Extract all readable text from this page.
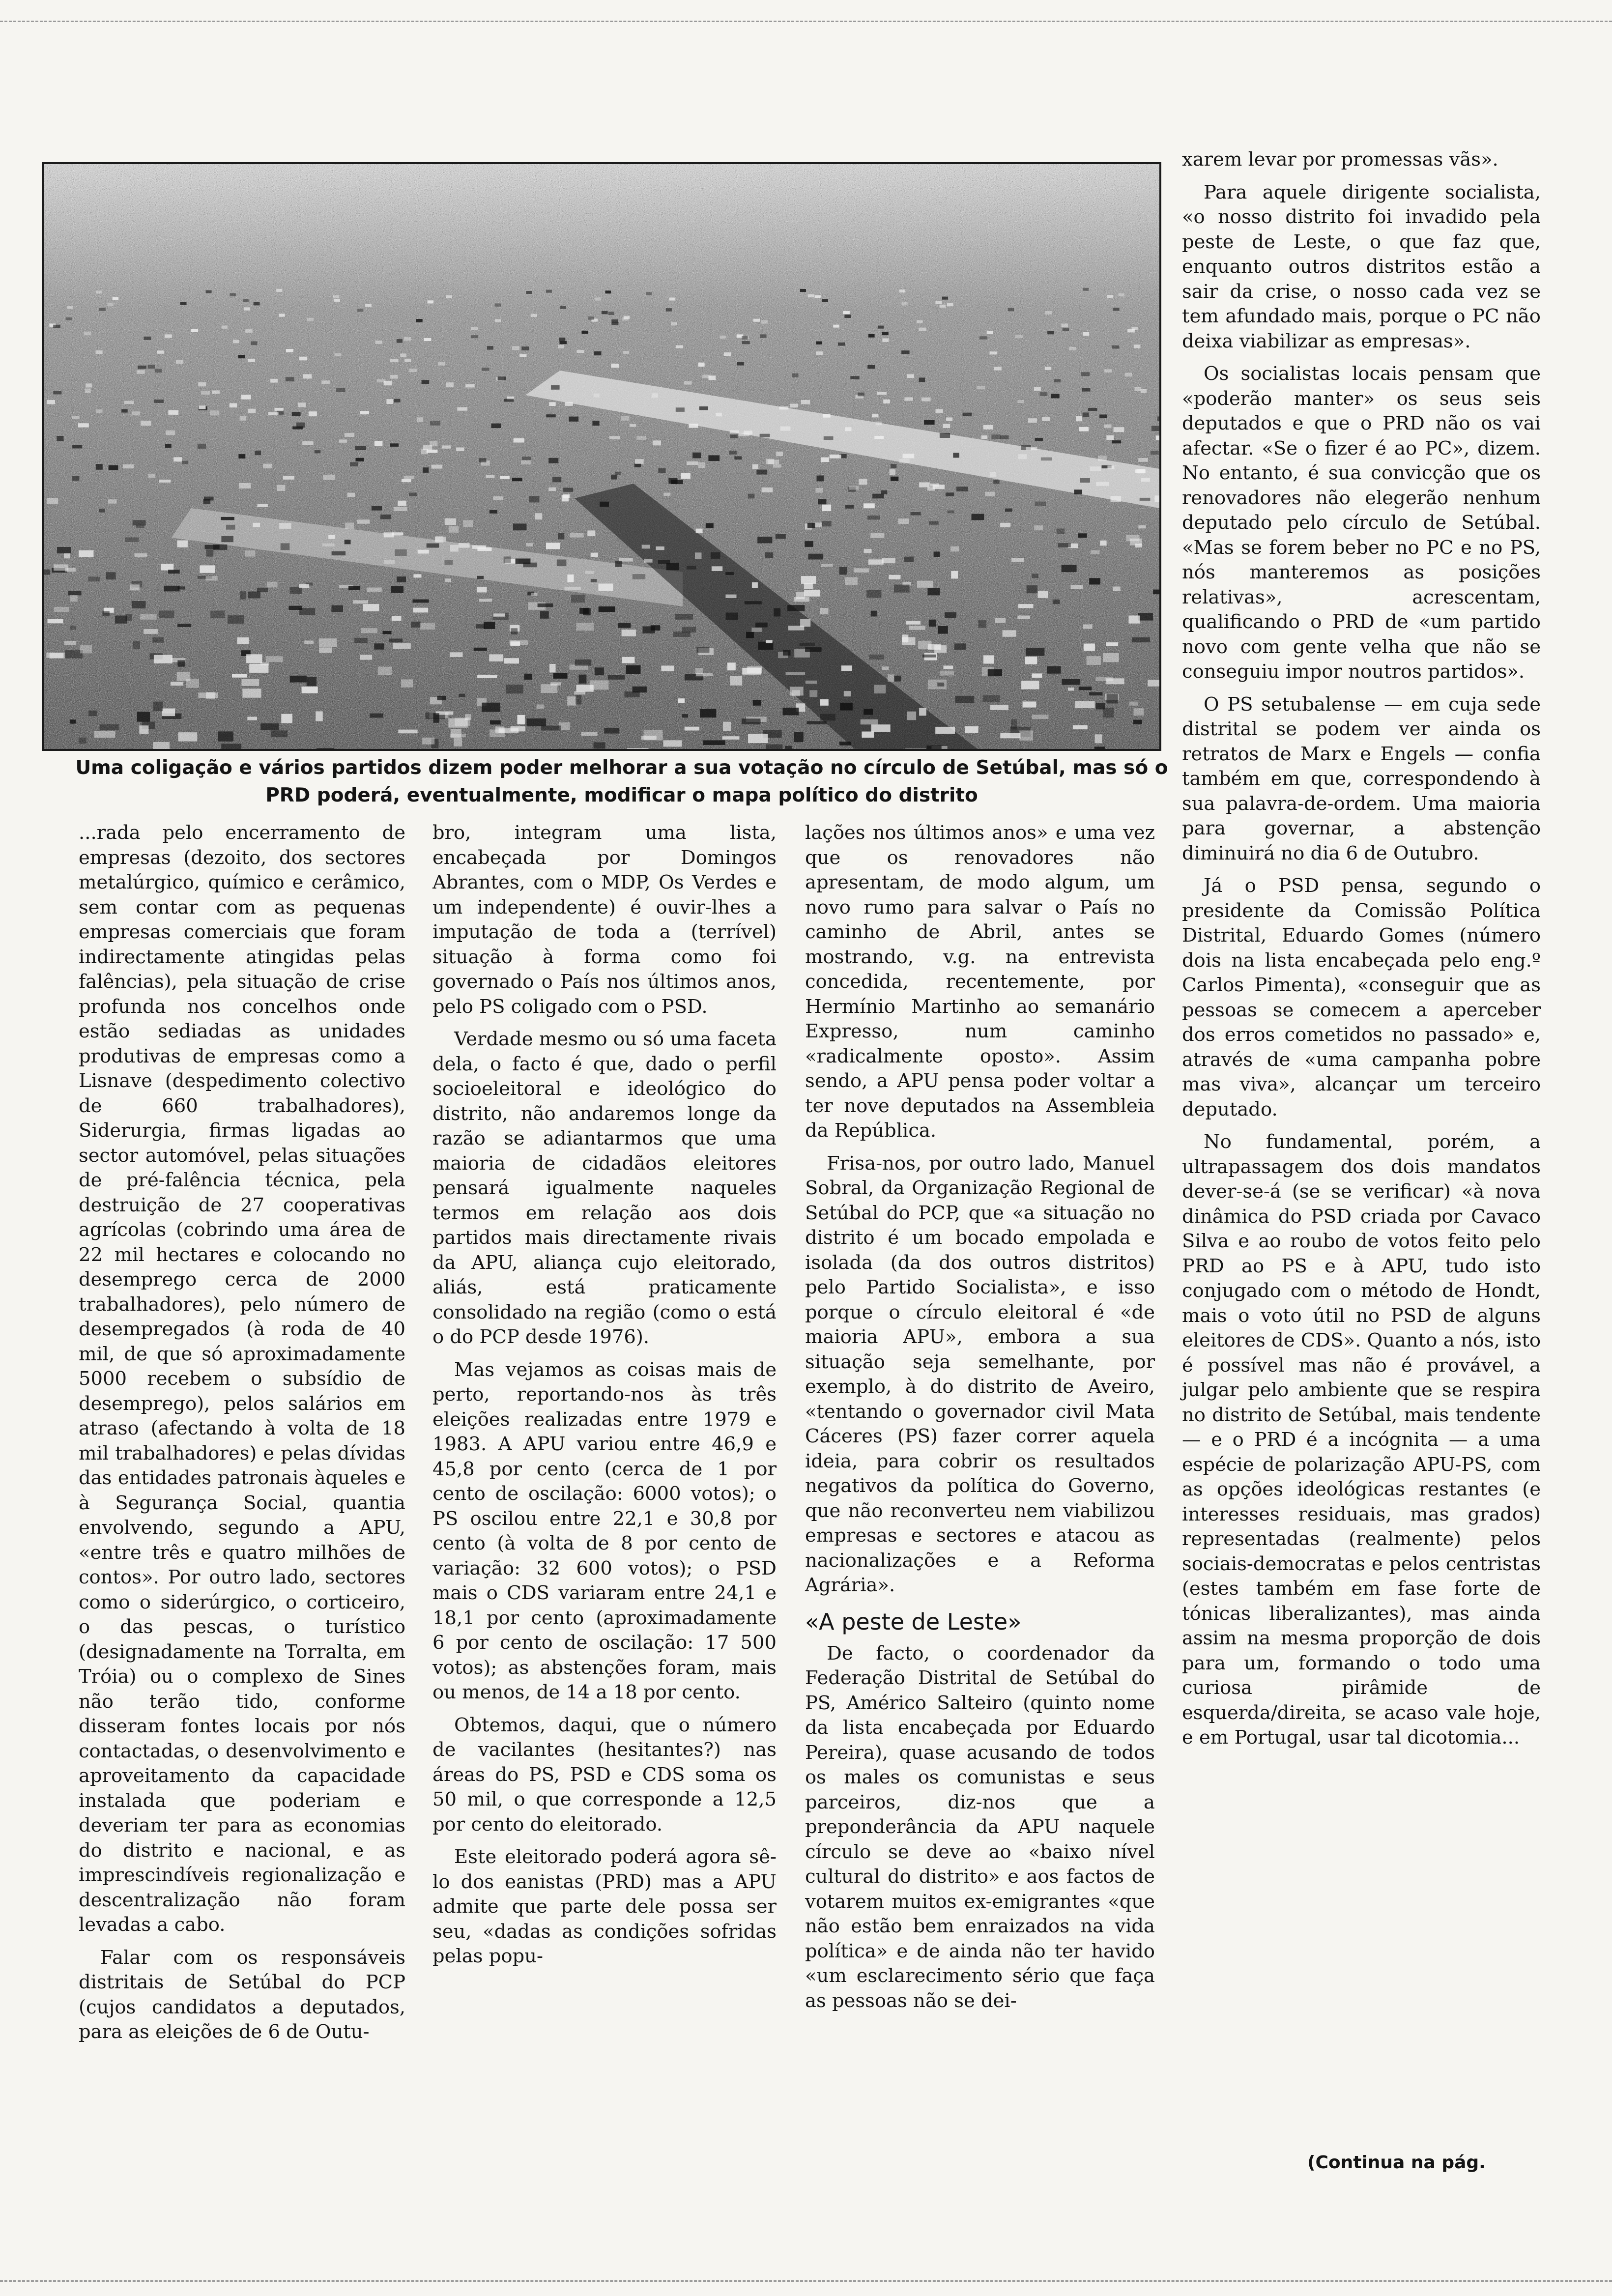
Uma coligação e vários partidos dizem poder melhorar a sua votação no círculo de Setúbal, mas só o PRD poderá, eventualmente, modificar o mapa político do distrito

...rada pelo encerramento de empresas (dezoito, dos sectores metalúrgico, químico e cerâmico, sem contar com as pequenas empresas comerciais que foram indirectamente atingidas pelas falências), pela situação de crise profunda nos concelhos onde estão sediadas as unidades produtivas de empresas como a Lisnave (despedimento colectivo de 660 trabalhadores), Siderurgia, firmas ligadas ao sector automóvel, pelas situações de pré-falência técnica, pela destruição de 27 cooperativas agrícolas (cobrindo uma área de 22 mil hectares e colocando no desemprego cerca de 2000 trabalhadores), pelo número de desempregados (à roda de 40 mil, de que só aproximadamente 5000 recebem o subsídio de desemprego), pelos salários em atraso (afectando à volta de 18 mil trabalhadores) e pelas dívidas das entidades patronais àqueles e à Segurança Social, quantia envolvendo, segundo a APU, «entre três e quatro milhões de contos». Por outro lado, sectores como o siderúrgico, o corticeiro, o das pescas, o turístico (designadamente na Torralta, em Tróia) ou o complexo de Sines não terão tido, conforme disseram fontes locais por nós contactadas, o desenvolvimento e aproveitamento da capacidade instalada que poderiam e deveriam ter para as economias do distrito e nacional, e as imprescindíveis regionalização e descentralização não foram levadas a cabo.

Falar com os responsáveis distritais de Setúbal do PCP (cujos candidatos a deputados, para as eleições de 6 de Outu-

bro, integram uma lista, encabeçada por Domingos Abrantes, com o MDP, Os Verdes e um independente) é ouvir-lhes a imputação de toda a (terrível) situação à forma como foi governado o País nos últimos anos, pelo PS coligado com o PSD.

Verdade mesmo ou só uma faceta dela, o facto é que, dado o perfil socioeleitoral e ideológico do distrito, não andaremos longe da razão se adiantarmos que uma maioria de cidadãos eleitores pensará igualmente naqueles termos em relação aos dois partidos mais directamente rivais da APU, aliança cujo eleitorado, aliás, está praticamente consolidado na região (como o está o do PCP desde 1976).

Mas vejamos as coisas mais de perto, reportando-nos às três eleições realizadas entre 1979 e 1983. A APU variou entre 46,9 e 45,8 por cento (cerca de 1 por cento de oscilação: 6000 votos); o PS oscilou entre 22,1 e 30,8 por cento (à volta de 8 por cento de variação: 32 600 votos); o PSD mais o CDS variaram entre 24,1 e 18,1 por cento (aproximadamente 6 por cento de oscilação: 17 500 votos); as abstenções foram, mais ou menos, de 14 a 18 por cento.

Obtemos, daqui, que o número de vacilantes (hesitantes?) nas áreas do PS, PSD e CDS soma os 50 mil, o que corresponde a 12,5 por cento do eleitorado.

Este eleitorado poderá agora sê-lo dos eanistas (PRD) mas a APU admite que parte dele possa ser seu, «dadas as condições sofridas pelas popu-

lações nos últimos anos» e uma vez que os renovadores não apresentam, de modo algum, um novo rumo para salvar o País no caminho de Abril, antes se mostrando, v.g. na entrevista concedida, recentemente, por Hermínio Martinho ao semanário Expresso, num caminho «radicalmente oposto». Assim sendo, a APU pensa poder voltar a ter nove deputados na Assembleia da República.

Frisa-nos, por outro lado, Manuel Sobral, da Organização Regional de Setúbal do PCP, que «a situação no distrito é um bocado empolada e isolada (da dos outros distritos) pelo Partido Socialista», e isso porque o círculo eleitoral é «de maioria APU», embora a sua situação seja semelhante, por exemplo, à do distrito de Aveiro, «tentando o governador civil Mata Cáceres (PS) fazer correr aquela ideia, para cobrir os resultados negativos da política do Governo, que não reconverteu nem viabilizou empresas e sectores e atacou as nacionalizações e a Reforma Agrária».

«A peste de Leste»

De facto, o coordenador da Federação Distrital de Setúbal do PS, Américo Salteiro (quinto nome da lista encabeçada por Eduardo Pereira), quase acusando de todos os males os comunistas e seus parceiros, diz-nos que a preponderância da APU naquele círculo se deve ao «baixo nível cultural do distrito» e aos factos de votarem muitos ex-emigrantes «que não estão bem enraizados na vida política» e de ainda não ter havido «um esclarecimento sério que faça as pessoas não se dei-

xarem levar por promessas vãs».

Para aquele dirigente socialista, «o nosso distrito foi invadido pela peste de Leste, o que faz que, enquanto outros distritos estão a sair da crise, o nosso cada vez se tem afundado mais, porque o PC não deixa viabilizar as empresas».

Os socialistas locais pensam que «poderão manter» os seus seis deputados e que o PRD não os vai afectar. «Se o fizer é ao PC», dizem. No entanto, é sua convicção que os renovadores não elegerão nenhum deputado pelo círculo de Setúbal. «Mas se forem beber no PC e no PS, nós manteremos as posições relativas», acrescentam, qualificando o PRD de «um partido novo com gente velha que não se conseguiu impor noutros partidos».

O PS setubalense — em cuja sede distrital se podem ver ainda os retratos de Marx e Engels — confia também em que, correspondendo à sua palavra-de-ordem. Uma maioria para governar, a abstenção diminuirá no dia 6 de Outubro.

Já o PSD pensa, segundo o presidente da Comissão Política Distrital, Eduardo Gomes (número dois na lista encabeçada pelo eng.º Carlos Pimenta), «conseguir que as pessoas se comecem a aperceber dos erros cometidos no passado» e, através de «uma campanha pobre mas viva», alcançar um terceiro deputado.

No fundamental, porém, a ultrapassagem dos dois mandatos dever-se-á (se se verificar) «à nova dinâmica do PSD criada por Cavaco Silva e ao roubo de votos feito pelo PRD ao PS e à APU, tudo isto conjugado com o método de Hondt, mais o voto útil no PSD de alguns eleitores de CDS». Quanto a nós, isto é possível mas não é provável, a julgar pelo ambiente que se respira no distrito de Setúbal, mais tendente — e o PRD é a incógnita — a uma espécie de polarização APU-PS, com as opções ideológicas restantes (e interesses residuais, mas grados) representadas (realmente) pelos sociais-democratas e pelos centristas (estes também em fase forte de tónicas liberalizantes), mas ainda assim na mesma proporção de dois para um, formando o todo uma curiosa pirâmide de esquerda/direita, se acaso vale hoje, e em Portugal, usar tal dicotomia...

(Continua na pág.
